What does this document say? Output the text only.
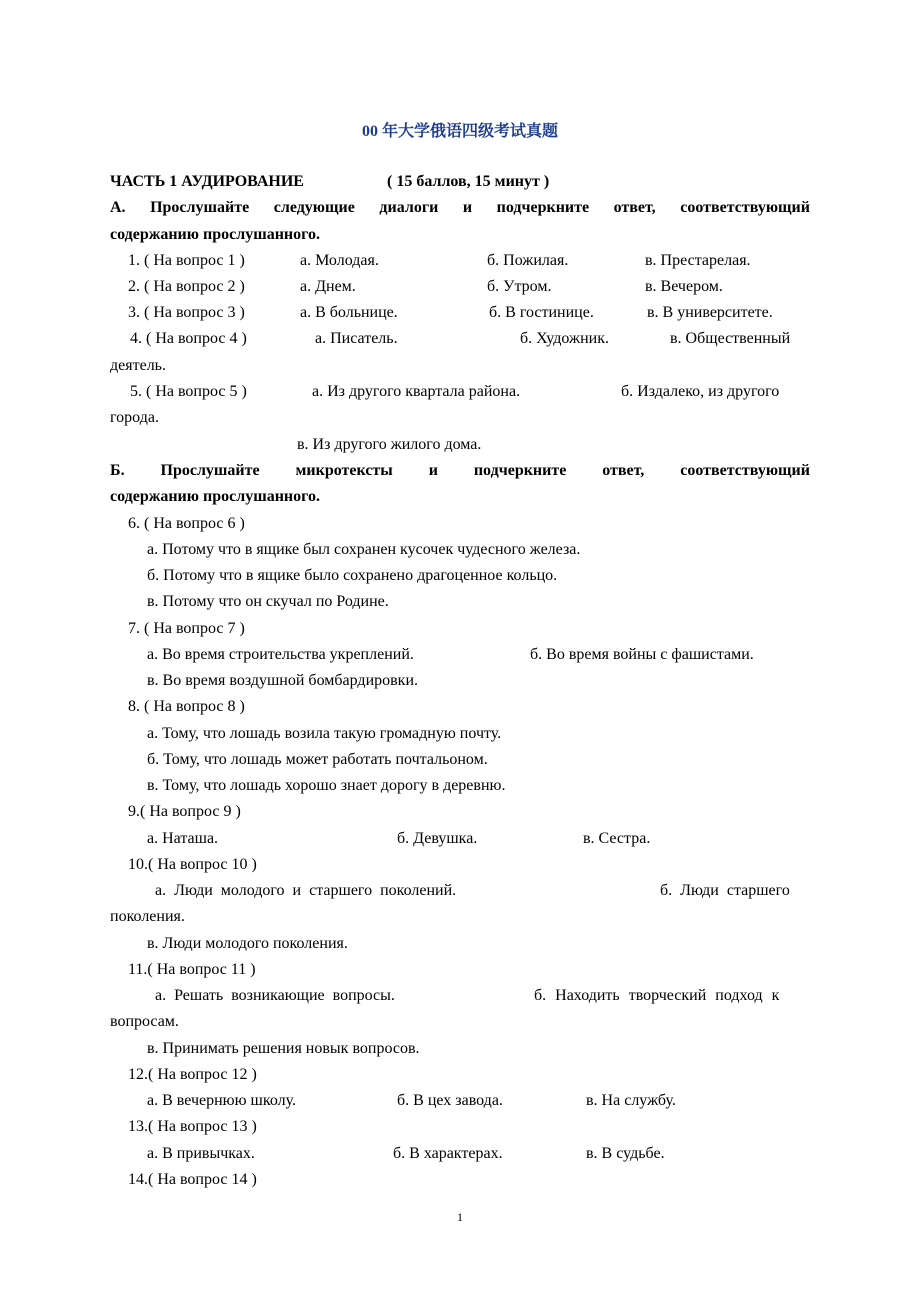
00 年大学俄语四级考试真题
ЧАСТЬ 1 АУДИРОВАНИЕ	( 15 баллов, 15 минут )
А. Прослушайте следующие диалоги и подчеркните ответ, соответствующий
содержанию прослушанного.
1. ( На вопрос 1 )	а. Молодая.	б. Пожилая.	в. Престарелая.
2. ( На вопрос 2 )	а. Днем.	б. Утром.	в. Вечером.
3. ( На вопрос 3 )	а. В больнице.	б. В гостинице.	в. В университете.
4. ( На вопрос 4 )	а. Писатель.	б. Художник.	в. Общественный
деятель.
5. ( На вопрос 5 )	а. Из другого квартала района.	б. Издалеко, из другого
города.
в. Из другого жилого дома.
Б. Прослушайте микротексты и подчеркните ответ, соответствующий
содержанию прослушанного.
6. ( На вопрос 6 )
а. Потому что в ящике был сохранен кусочек чудесного железа.
б. Потому что в ящике было сохранено драгоценное кольцо.
в. Потому что он скучал по Родине.
7. ( На вопрос 7 )
а. Во время строительства укреплений.	б. Во время войны с фашистами.
в. Во время воздушной бомбардировки.
8. ( На вопрос 8 )
а. Тому, что лошадь возила такую громадную почту.
б. Тому, что лошадь может работать почтальоном.
в. Тому, что лошадь хорошо знает дорогу в деревню.
9.( На вопрос 9 )
а. Наташа.	б. Девушка.	в. Сестра.
10.( На вопрос 10 )
а. Люди молодого и старшего поколений.	б. Люди старшего
поколения.
в. Люди молодого поколения.
11.( На вопрос 11 )
а. Решать возникающие вопросы.	б. Находить творческий подход к
вопросам.
в. Принимать решения новык вопросов.
12.( На вопрос 12 )
а. В вечернюю школу.	б. В цех завода.	в. На службу.
13.( На вопрос 13 )
а. В привычках.	б. В характерах.	в. В судьбе.
14.( На вопрос 14 )
1
